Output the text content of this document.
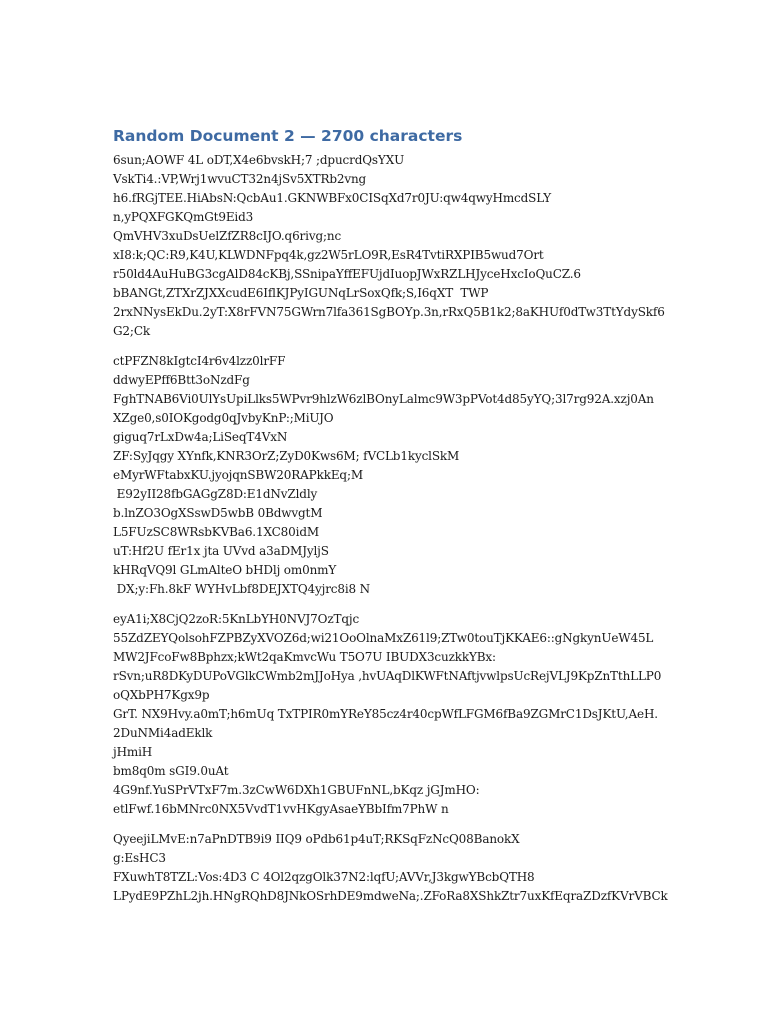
Random Document 2 — 2700 characters
6sun;AOWF 4L oDT,X4e6bvskH;7 ;dpucrdQsYXU
VskTi4.:VP,Wrj1wvuCT32n4jSv5XTRb2vng
h6.fRGjTEE.HiAbsN:QcbAu1.GKNWBFx0CISqXd7r0JU:qw4qwyHmcdSLY
n,yPQXFGKQmGt9Eid3
QmVHV3xuDsUelZfZR8cIJO.q6rivg;nc
xI8:k;QC:R9,K4U,KLWDNFpq4k,gz2W5rLO9R,EsR4TvtiRXPIB5wud7Ort
r50ld4AuHuBG3cgAlD84cKBj,SSnipaYffEFUjdIuopJWxRZLHJyceHxcIoQuCZ.6
bBANGt,ZTXrZJXXcudE6IflKJPyIGUNqLrSoxQfk;S,I6qXT  TWP
2rxNNysEkDu.2yT:X8rFVN75GWrn7lfa361SgBOYp.3n,rRxQ5B1k2;8aKHUf0dTw3TtYdySkf6
G2;Ck
ctPFZN8kIgtcI4r6v4lzz0lrFF
ddwyEPff6Btt3oNzdFg
FghTNAB6Vi0UlYsUpiLlks5WPvr9hlzW6zlBOnyLalmc9W3pPVot4d85yYQ;3l7rg92A.xzj0An
XZge0,s0IOKgodg0qJvbyKnP:;MiUJO
giguq7rLxDw4a;LiSeqT4VxN
ZF:SyJqgy XYnfk,KNR3OrZ;ZyD0Kws6M; fVCLb1kyclSkM
eMyrWFtabxKU.jyojqnSBW20RAPkkEq;M
E92yII28fbGAGgZ8D:E1dNvZldly
b.lnZO3OgXSswD5wbB 0BdwvgtM
L5FUzSC8WRsbKVBa6.1XC80idM
uT:Hf2U fEr1x jta UVvd a3aDMJyljS
kHRqVQ9l GLmAlteO bHDlj om0nmY
DX;y:Fh.8kF WYHvLbf8DEJXTQ4yjrc8i8 N
eyA1i;X8CjQ2zoR:5KnLbYH0NVJ7OzTqjc
55ZdZEYQolsohFZPBZyXVOZ6d;wi21OoOlnaMxZ61l9;ZTw0touTjKKAE6::gNgkynUeW45L
MW2JFcoFw8Bphzx;kWt2qaKmvcWu T5O7U IBUDX3cuzkkYBx:
rSvn;uR8DKyDUPoVGlkCWmb2mJJoHya ,hvUAqDlKWFtNAftjvwlpsUcRejVLJ9KpZnTthLLP0
oQXbPH7Kgx9p
GrT. NX9Hvy.a0mT;h6mUq TxTPIR0mYReY85cz4r40cpWfLFGM6fBa9ZGMrC1DsJKtU,AeH.
2DuNMi4adEklk
jHmiH
bm8q0m sGI9.0uAt
4G9nf.YuSPrVTxF7m.3zCwW6DXh1GBUFnNL,bKqz jGJmHO:
etlFwf.16bMNrc0NX5VvdT1vvHKgyAsaeYBbIfm7PhW n
QyeejiLMvE:n7aPnDTB9i9 IIQ9 oPdb61p4uT;RKSqFzNcQ08BanokX
g:EsHC3
FXuwhT8TZL:Vos:4D3 C 4Ol2qzgOlk37N2:lqfU;AVVr,J3kgwYBcbQTH8
LPydE9PZhL2jh.HNgRQhD8JNkOSrhDE9mdweNa;.ZFoRa8XShkZtr7uxKfEqraZDzfKVrVBCk
